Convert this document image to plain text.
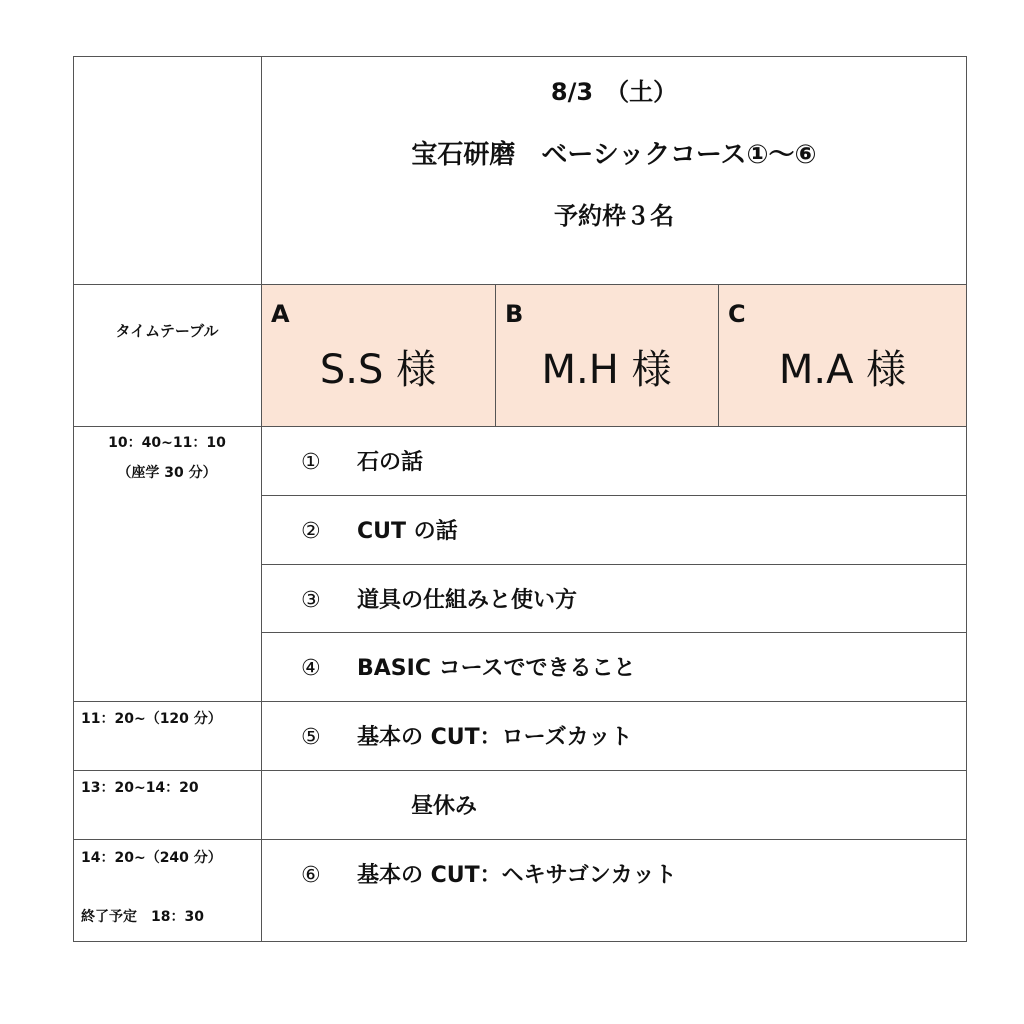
8/3　（土）
宝石研磨　ベーシックコース①～⑥
予約枠３名
タイムテーブル
A
S.S 様
B
M.H 様
C
M.A 様
10：40~11：10
（座学 30 分）
11：20~（120 分）
13：20~14：20
14：20~（240 分）
終了予定　18：30
① 石の話
② CUT の話
③ 道具の仕組みと使い方
④ BASIC コースでできること
⑤ 基本の CUT：ローズカット
昼休み
⑥ 基本の CUT：ヘキサゴンカット
